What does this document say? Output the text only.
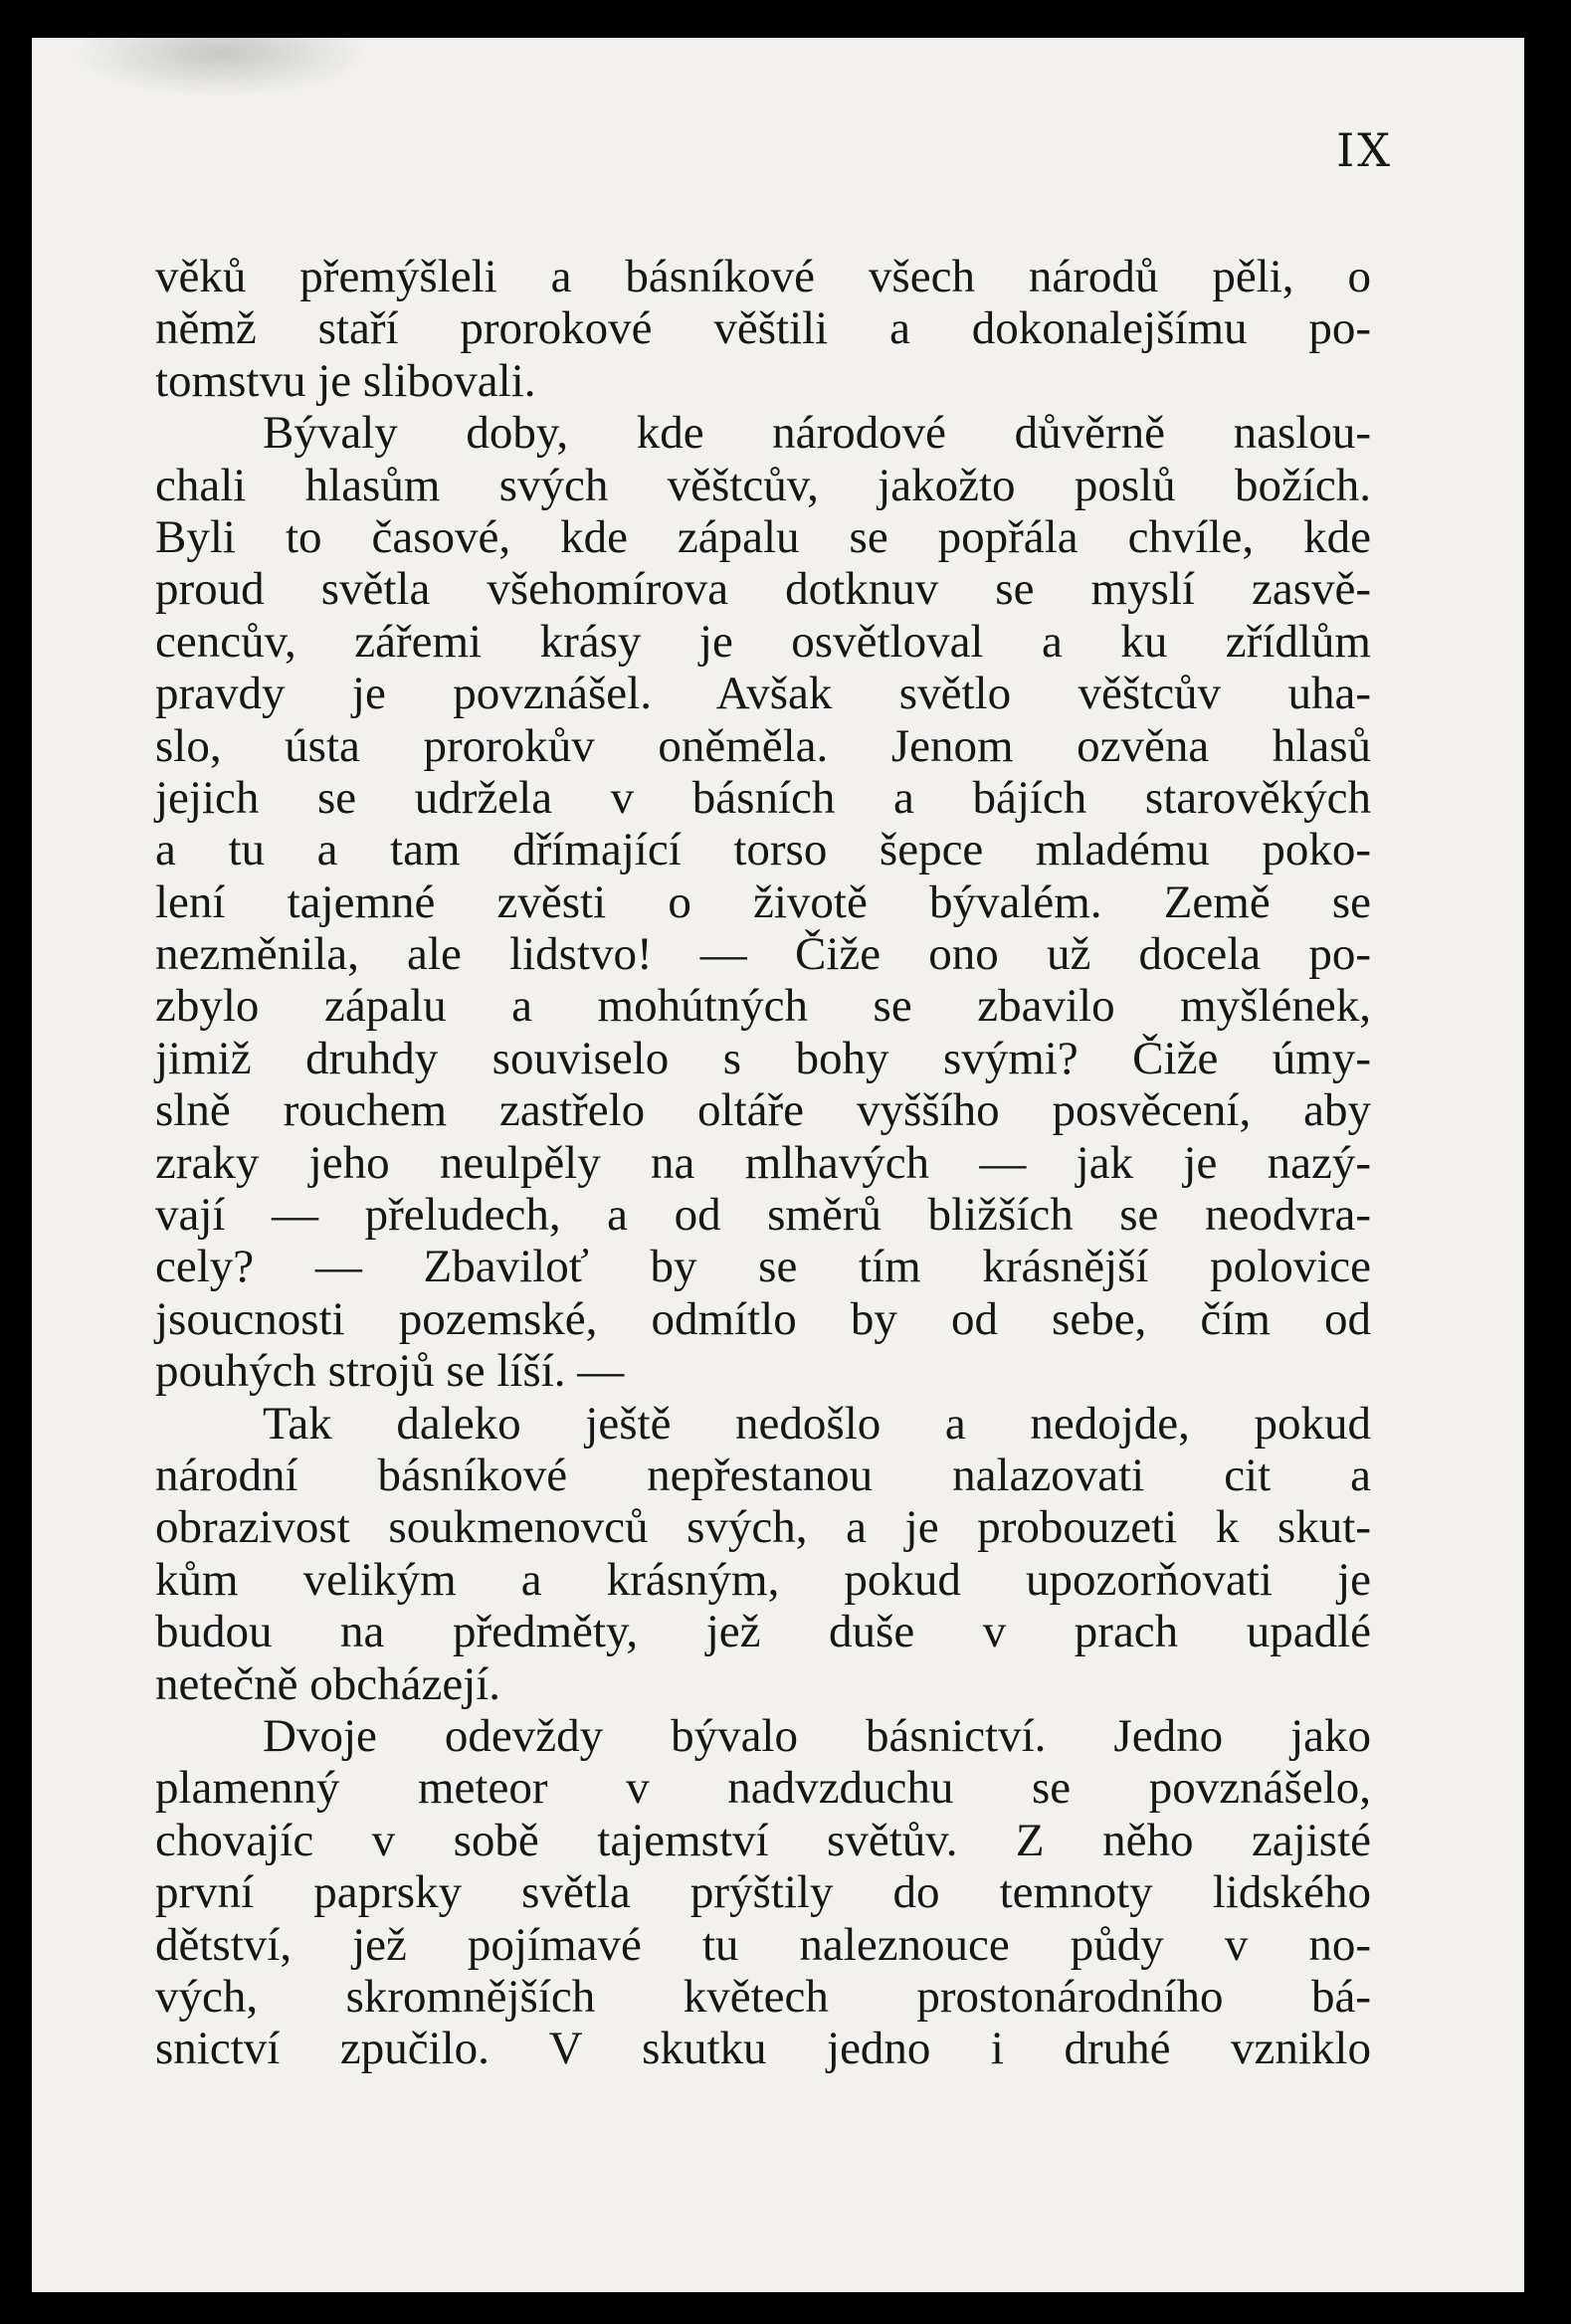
IX
věků přemýšleli a básníkové všech národů pěli, o
němž staří prorokové věštili a dokonalejšímu po-
tomstvu je slibovali.
Bývaly doby, kde národové důvěrně naslou-
chali hlasům svých věštcův, jakožto poslů božích.
Byli to časové, kde zápalu se popřála chvíle, kde
proud světla všehomírova dotknuv se myslí zasvě-
cencův, zářemi krásy je osvětloval a ku zřídlům
pravdy je povznášel. Avšak světlo věštcův uha-
slo, ústa prorokův oněměla. Jenom ozvěna hlasů
jejich se udržela v básních a bájích starověkých
a tu a tam dřímající torso šepce mladému poko-
lení tajemné zvěsti o životě bývalém. Země se
nezměnila, ale lidstvo! — Čiže ono už docela po-
zbylo zápalu a mohútných se zbavilo myšlének,
jimiž druhdy souviselo s bohy svými? Čiže úmy-
slně rouchem zastřelo oltáře vyššího posvěcení, aby
zraky jeho neulpěly na mlhavých — jak je nazý-
vají — přeludech, a od směrů bližších se neodvra-
cely? — Zbaviloť by se tím krásnější polovice
jsoucnosti pozemské, odmítlo by od sebe, čím od
pouhých strojů se líší. —
Tak daleko ještě nedošlo a nedojde, pokud
národní básníkové nepřestanou nalazovati cit a
obrazivost soukmenovců svých, a je probouzeti k skut-
kům velikým a krásným, pokud upozorňovati je
budou na předměty, jež duše v prach upadlé
netečně obcházejí.
Dvoje odevždy bývalo básnictví. Jedno jako
plamenný meteor v nadvzduchu se povznášelo,
chovajíc v sobě tajemství světův. Z něho zajisté
první paprsky světla prýštily do temnoty lidského
dětství, jež pojímavé tu naleznouce půdy v no-
vých, skromnějších květech prostonárodního bá-
snictví zpučilo. V skutku jedno i druhé vzniklo
